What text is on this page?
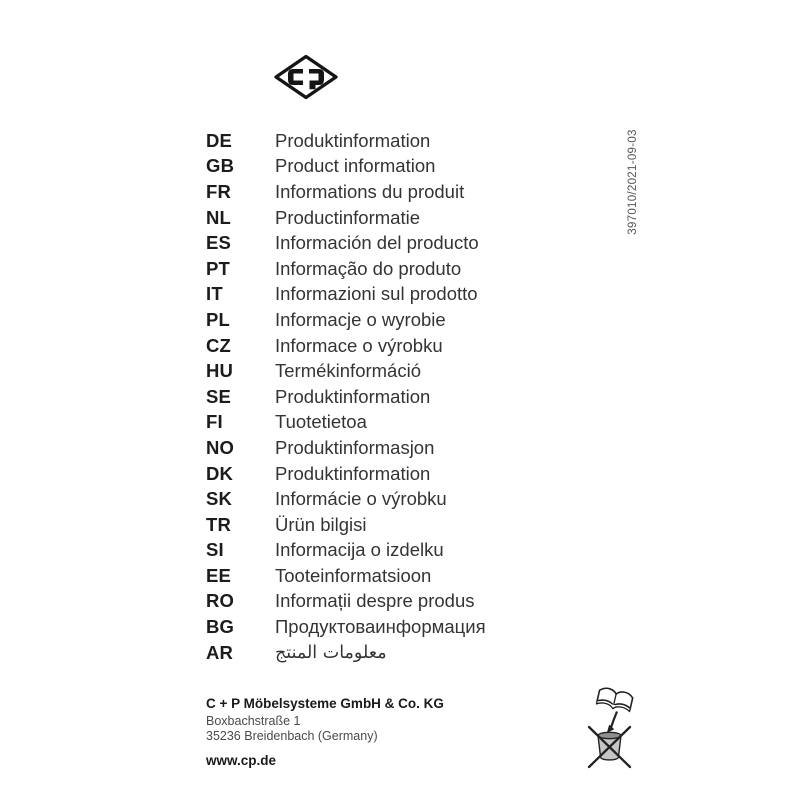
397010/2021-09-03
DE	Produktinformation
GB	Product information
FR	Informations du produit
NL	Productinformatie
ES	Información del producto
PT	Informação do produto
IT	Informazioni sul prodotto
PL	Informacje o wyrobie
CZ	Informace o výrobku
HU	Termékinformáció
SE	Produktinformation
FI	Tuotetietoa
NO	Produktinformasjon
DK	Produktinformation
SK	Informácie o výrobku
TR	Ürün bilgisi
SI	Informacija o izdelku
EE	Tooteinformatsioon
RO	Informații despre produs
BG	Продуктоваинформация
AR	معلومات المنتج
C + P Möbelsysteme GmbH & Co. KG
Boxbachstraße 1
35236 Breidenbach (Germany)
www.cp.de
